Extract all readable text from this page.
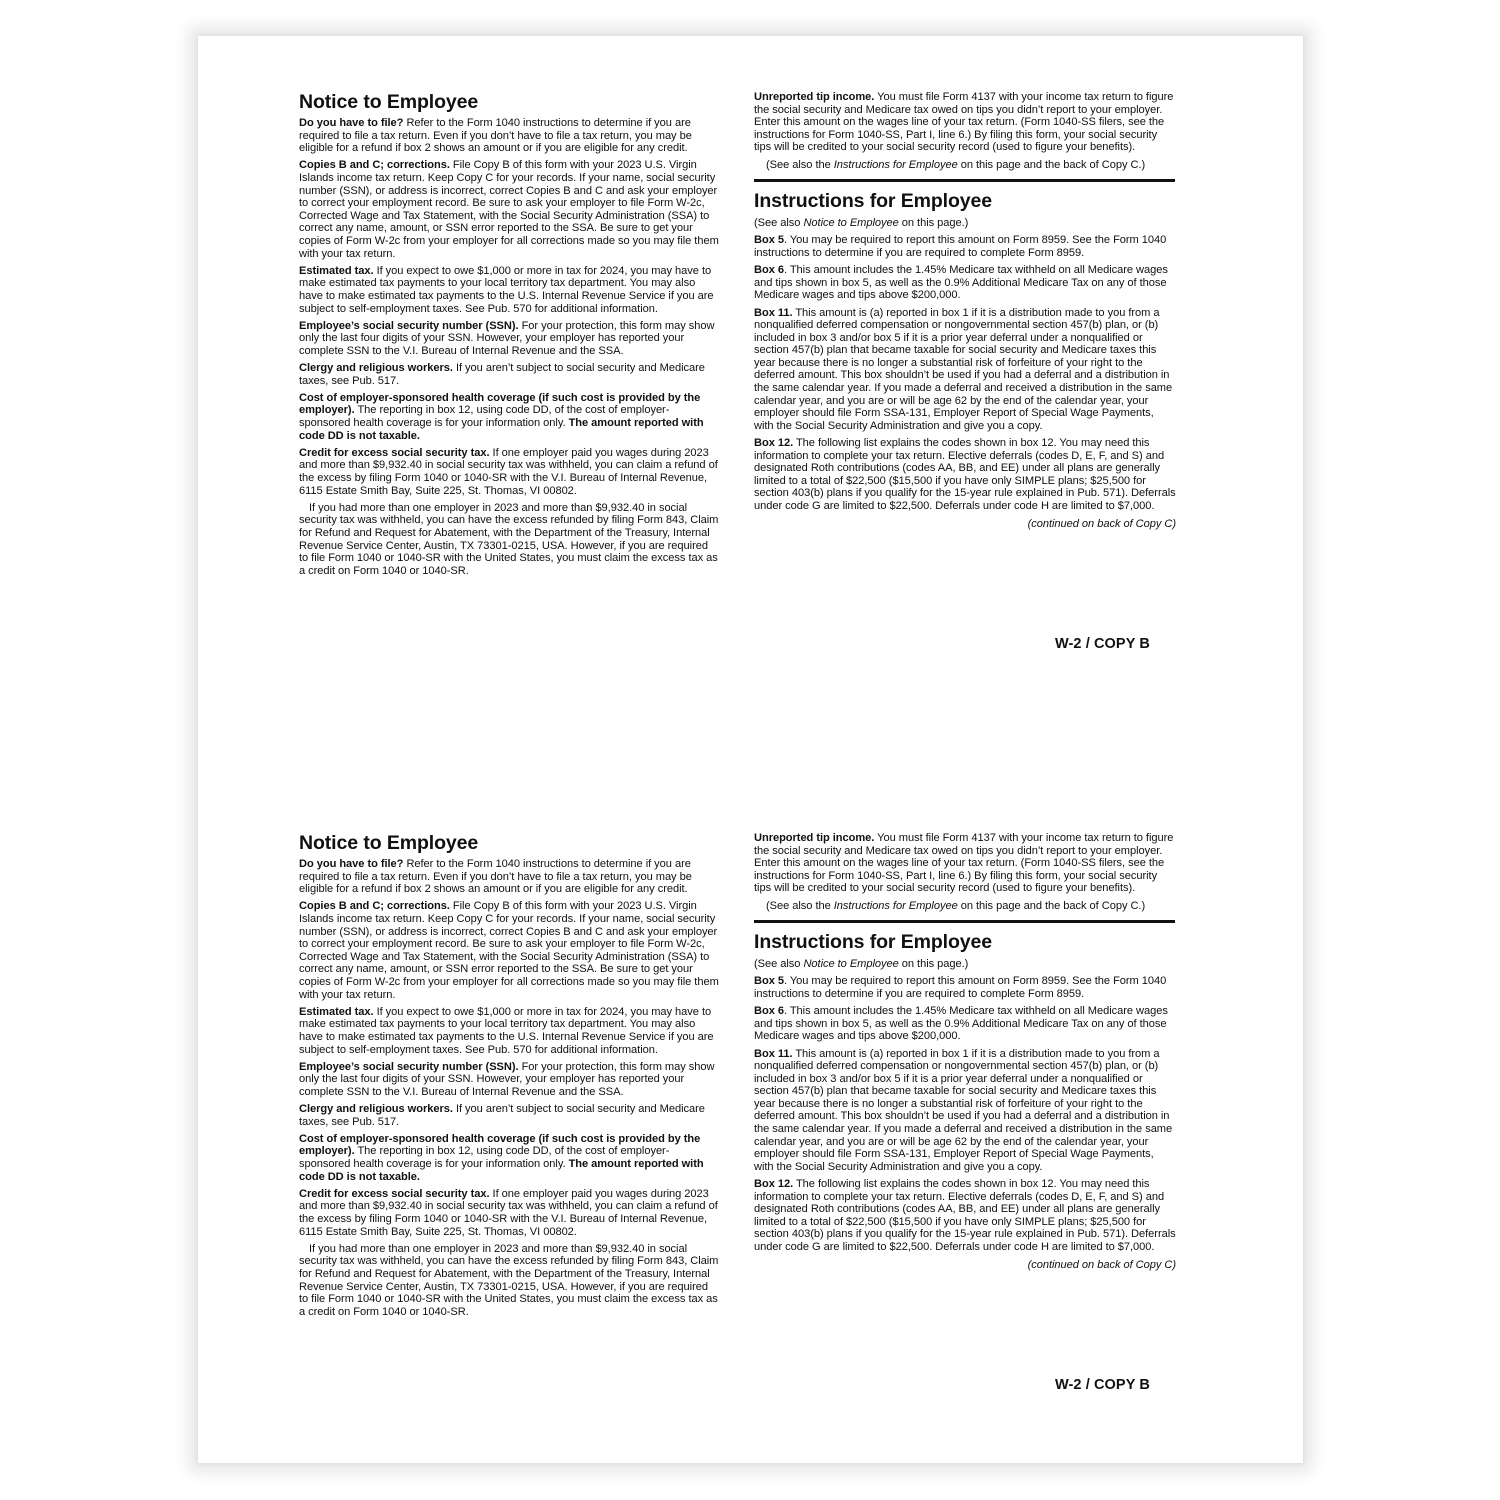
Notice to Employee

Do you have to file? Refer to the Form 1040 instructions to determine if you are required to file a tax return. Even if you don’t have to file a tax return, you may be eligible for a refund if box 2 shows an amount or if you are eligible for any credit.

Copies B and C; corrections. File Copy B of this form with your 2023 U.S. Virgin Islands income tax return. Keep Copy C for your records. If your name, social security number (SSN), or address is incorrect, correct Copies B and C and ask your employer to correct your employment record. Be sure to ask your employer to file Form W-2c, Corrected Wage and Tax Statement, with the Social Security Administration (SSA) to correct any name, amount, or SSN error reported to the SSA. Be sure to get your copies of Form W-2c from your employer for all corrections made so you may file them with your tax return.

Estimated tax. If you expect to owe $1,000 or more in tax for 2024, you may have to make estimated tax payments to your local territory tax department. You may also have to make estimated tax payments to the U.S. Internal Revenue Service if you are subject to self-employment taxes. See Pub. 570 for additional information.

Employee’s social security number (SSN). For your protection, this form may show only the last four digits of your SSN. However, your employer has reported your complete SSN to the V.I. Bureau of Internal Revenue and the SSA.

Clergy and religious workers. If you aren’t subject to social security and Medicare taxes, see Pub. 517.

Cost of employer-sponsored health coverage (if such cost is provided by the employer). The reporting in box 12, using code DD, of the cost of employer-sponsored health coverage is for your information only. The amount reported with code DD is not taxable.

Credit for excess social security tax. If one employer paid you wages during 2023 and more than $9,932.40 in social security tax was withheld, you can claim a refund of the excess by filing Form 1040 or 1040-SR with the V.I. Bureau of Internal Revenue, 6115 Estate Smith Bay, Suite 225, St. Thomas, VI 00802.

If you had more than one employer in 2023 and more than $9,932.40 in social security tax was withheld, you can have the excess refunded by filing Form 843, Claim for Refund and Request for Abatement, with the Department of the Treasury, Internal Revenue Service Center, Austin, TX 73301-0215, USA. However, if you are required to file Form 1040 or 1040-SR with the United States, you must claim the excess tax as a credit on Form 1040 or 1040-SR.

Unreported tip income. You must file Form 4137 with your income tax return to figure the social security and Medicare tax owed on tips you didn’t report to your employer. Enter this amount on the wages line of your tax return. (Form 1040-SS filers, see the instructions for Form 1040-SS, Part I, line 6.) By filing this form, your social security tips will be credited to your social security record (used to figure your benefits).

(See also the Instructions for Employee on this page and the back of Copy C.)

Instructions for Employee

(See also Notice to Employee on this page.)

Box 5. You may be required to report this amount on Form 8959. See the Form 1040 instructions to determine if you are required to complete Form 8959.

Box 6. This amount includes the 1.45% Medicare tax withheld on all Medicare wages and tips shown in box 5, as well as the 0.9% Additional Medicare Tax on any of those Medicare wages and tips above $200,000.

Box 11. This amount is (a) reported in box 1 if it is a distribution made to you from a nonqualified deferred compensation or nongovernmental section 457(b) plan, or (b) included in box 3 and/or box 5 if it is a prior year deferral under a nonqualified or section 457(b) plan that became taxable for social security and Medicare taxes this year because there is no longer a substantial risk of forfeiture of your right to the deferred amount. This box shouldn’t be used if you had a deferral and a distribution in the same calendar year. If you made a deferral and received a distribution in the same calendar year, and you are or will be age 62 by the end of the calendar year, your employer should file Form SSA-131, Employer Report of Special Wage Payments, with the Social Security Administration and give you a copy.

Box 12. The following list explains the codes shown in box 12. You may need this information to complete your tax return. Elective deferrals (codes D, E, F, and S) and designated Roth contributions (codes AA, BB, and EE) under all plans are generally limited to a total of $22,500 ($15,500 if you have only SIMPLE plans; $25,500 for section 403(b) plans if you qualify for the 15-year rule explained in Pub. 571). Deferrals under code G are limited to $22,500. Deferrals under code H are limited to $7,000.

(continued on back of Copy C)
W-2 / COPY B
Notice to Employee

Do you have to file? Refer to the Form 1040 instructions to determine if you are required to file a tax return. Even if you don’t have to file a tax return, you may be eligible for a refund if box 2 shows an amount or if you are eligible for any credit.

Copies B and C; corrections. File Copy B of this form with your 2023 U.S. Virgin Islands income tax return. Keep Copy C for your records. If your name, social security number (SSN), or address is incorrect, correct Copies B and C and ask your employer to correct your employment record. Be sure to ask your employer to file Form W-2c, Corrected Wage and Tax Statement, with the Social Security Administration (SSA) to correct any name, amount, or SSN error reported to the SSA. Be sure to get your copies of Form W-2c from your employer for all corrections made so you may file them with your tax return.

Estimated tax. If you expect to owe $1,000 or more in tax for 2024, you may have to make estimated tax payments to your local territory tax department. You may also have to make estimated tax payments to the U.S. Internal Revenue Service if you are subject to self-employment taxes. See Pub. 570 for additional information.

Employee’s social security number (SSN). For your protection, this form may show only the last four digits of your SSN. However, your employer has reported your complete SSN to the V.I. Bureau of Internal Revenue and the SSA.

Clergy and religious workers. If you aren’t subject to social security and Medicare taxes, see Pub. 517.

Cost of employer-sponsored health coverage (if such cost is provided by the employer). The reporting in box 12, using code DD, of the cost of employer-sponsored health coverage is for your information only. The amount reported with code DD is not taxable.

Credit for excess social security tax. If one employer paid you wages during 2023 and more than $9,932.40 in social security tax was withheld, you can claim a refund of the excess by filing Form 1040 or 1040-SR with the V.I. Bureau of Internal Revenue, 6115 Estate Smith Bay, Suite 225, St. Thomas, VI 00802.

If you had more than one employer in 2023 and more than $9,932.40 in social security tax was withheld, you can have the excess refunded by filing Form 843, Claim for Refund and Request for Abatement, with the Department of the Treasury, Internal Revenue Service Center, Austin, TX 73301-0215, USA. However, if you are required to file Form 1040 or 1040-SR with the United States, you must claim the excess tax as a credit on Form 1040 or 1040-SR.

Unreported tip income. You must file Form 4137 with your income tax return to figure the social security and Medicare tax owed on tips you didn’t report to your employer. Enter this amount on the wages line of your tax return. (Form 1040-SS filers, see the instructions for Form 1040-SS, Part I, line 6.) By filing this form, your social security tips will be credited to your social security record (used to figure your benefits).

(See also the Instructions for Employee on this page and the back of Copy C.)

Instructions for Employee

(See also Notice to Employee on this page.)

Box 5. You may be required to report this amount on Form 8959. See the Form 1040 instructions to determine if you are required to complete Form 8959.

Box 6. This amount includes the 1.45% Medicare tax withheld on all Medicare wages and tips shown in box 5, as well as the 0.9% Additional Medicare Tax on any of those Medicare wages and tips above $200,000.

Box 11. This amount is (a) reported in box 1 if it is a distribution made to you from a nonqualified deferred compensation or nongovernmental section 457(b) plan, or (b) included in box 3 and/or box 5 if it is a prior year deferral under a nonqualified or section 457(b) plan that became taxable for social security and Medicare taxes this year because there is no longer a substantial risk of forfeiture of your right to the deferred amount. This box shouldn’t be used if you had a deferral and a distribution in the same calendar year. If you made a deferral and received a distribution in the same calendar year, and you are or will be age 62 by the end of the calendar year, your employer should file Form SSA-131, Employer Report of Special Wage Payments, with the Social Security Administration and give you a copy.

Box 12. The following list explains the codes shown in box 12. You may need this information to complete your tax return. Elective deferrals (codes D, E, F, and S) and designated Roth contributions (codes AA, BB, and EE) under all plans are generally limited to a total of $22,500 ($15,500 if you have only SIMPLE plans; $25,500 for section 403(b) plans if you qualify for the 15-year rule explained in Pub. 571). Deferrals under code G are limited to $22,500. Deferrals under code H are limited to $7,000.

(continued on back of Copy C)
W-2 / COPY B
